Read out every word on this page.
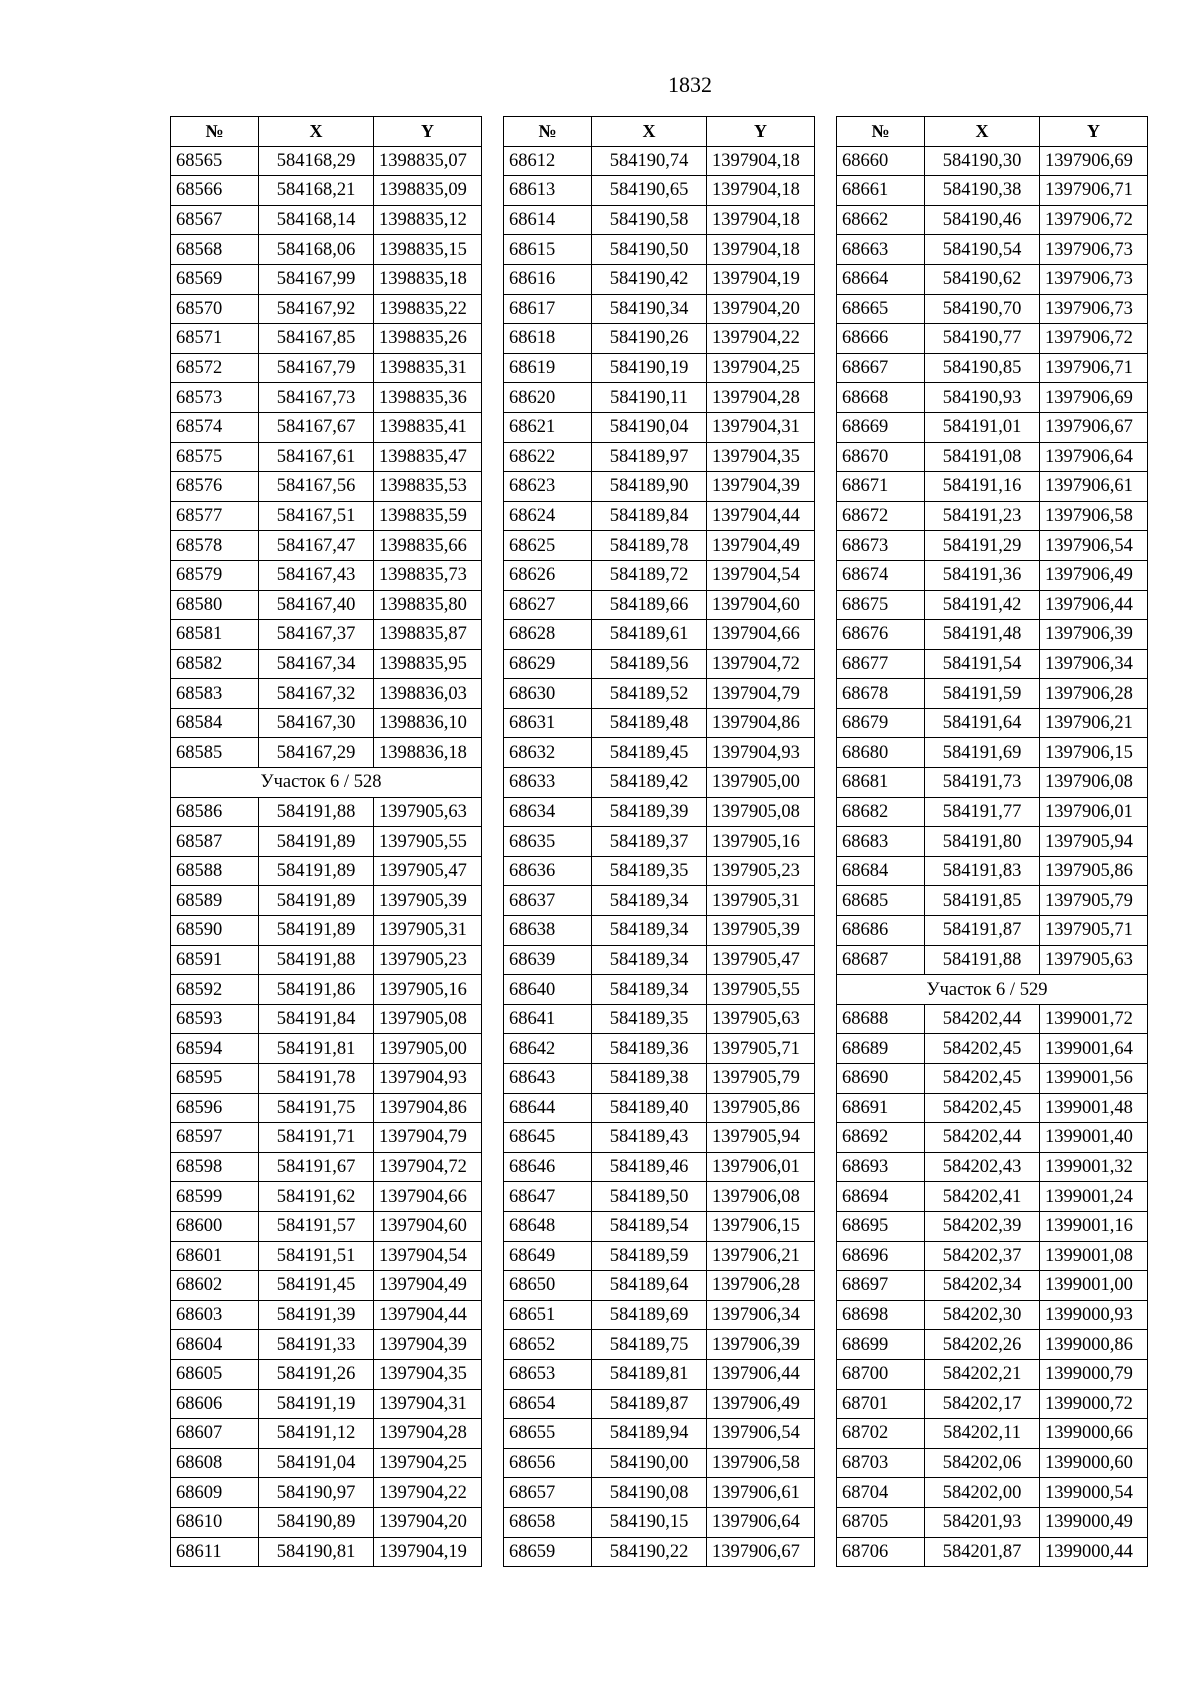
1832
№	X	Y
68565	584168,29	1398835,07
68566	584168,21	1398835,09
68567	584168,14	1398835,12
68568	584168,06	1398835,15
68569	584167,99	1398835,18
68570	584167,92	1398835,22
68571	584167,85	1398835,26
68572	584167,79	1398835,31
68573	584167,73	1398835,36
68574	584167,67	1398835,41
68575	584167,61	1398835,47
68576	584167,56	1398835,53
68577	584167,51	1398835,59
68578	584167,47	1398835,66
68579	584167,43	1398835,73
68580	584167,40	1398835,80
68581	584167,37	1398835,87
68582	584167,34	1398835,95
68583	584167,32	1398836,03
68584	584167,30	1398836,10
68585	584167,29	1398836,18
Участок 6 / 528		
68586	584191,88	1397905,63
68587	584191,89	1397905,55
68588	584191,89	1397905,47
68589	584191,89	1397905,39
68590	584191,89	1397905,31
68591	584191,88	1397905,23
68592	584191,86	1397905,16
68593	584191,84	1397905,08
68594	584191,81	1397905,00
68595	584191,78	1397904,93
68596	584191,75	1397904,86
68597	584191,71	1397904,79
68598	584191,67	1397904,72
68599	584191,62	1397904,66
68600	584191,57	1397904,60
68601	584191,51	1397904,54
68602	584191,45	1397904,49
68603	584191,39	1397904,44
68604	584191,33	1397904,39
68605	584191,26	1397904,35
68606	584191,19	1397904,31
68607	584191,12	1397904,28
68608	584191,04	1397904,25
68609	584190,97	1397904,22
68610	584190,89	1397904,20
68611	584190,81	1397904,19
№	X	Y
68612	584190,74	1397904,18
68613	584190,65	1397904,18
68614	584190,58	1397904,18
68615	584190,50	1397904,18
68616	584190,42	1397904,19
68617	584190,34	1397904,20
68618	584190,26	1397904,22
68619	584190,19	1397904,25
68620	584190,11	1397904,28
68621	584190,04	1397904,31
68622	584189,97	1397904,35
68623	584189,90	1397904,39
68624	584189,84	1397904,44
68625	584189,78	1397904,49
68626	584189,72	1397904,54
68627	584189,66	1397904,60
68628	584189,61	1397904,66
68629	584189,56	1397904,72
68630	584189,52	1397904,79
68631	584189,48	1397904,86
68632	584189,45	1397904,93
68633	584189,42	1397905,00
68634	584189,39	1397905,08
68635	584189,37	1397905,16
68636	584189,35	1397905,23
68637	584189,34	1397905,31
68638	584189,34	1397905,39
68639	584189,34	1397905,47
68640	584189,34	1397905,55
68641	584189,35	1397905,63
68642	584189,36	1397905,71
68643	584189,38	1397905,79
68644	584189,40	1397905,86
68645	584189,43	1397905,94
68646	584189,46	1397906,01
68647	584189,50	1397906,08
68648	584189,54	1397906,15
68649	584189,59	1397906,21
68650	584189,64	1397906,28
68651	584189,69	1397906,34
68652	584189,75	1397906,39
68653	584189,81	1397906,44
68654	584189,87	1397906,49
68655	584189,94	1397906,54
68656	584190,00	1397906,58
68657	584190,08	1397906,61
68658	584190,15	1397906,64
68659	584190,22	1397906,67
№	X	Y
68660	584190,30	1397906,69
68661	584190,38	1397906,71
68662	584190,46	1397906,72
68663	584190,54	1397906,73
68664	584190,62	1397906,73
68665	584190,70	1397906,73
68666	584190,77	1397906,72
68667	584190,85	1397906,71
68668	584190,93	1397906,69
68669	584191,01	1397906,67
68670	584191,08	1397906,64
68671	584191,16	1397906,61
68672	584191,23	1397906,58
68673	584191,29	1397906,54
68674	584191,36	1397906,49
68675	584191,42	1397906,44
68676	584191,48	1397906,39
68677	584191,54	1397906,34
68678	584191,59	1397906,28
68679	584191,64	1397906,21
68680	584191,69	1397906,15
68681	584191,73	1397906,08
68682	584191,77	1397906,01
68683	584191,80	1397905,94
68684	584191,83	1397905,86
68685	584191,85	1397905,79
68686	584191,87	1397905,71
68687	584191,88	1397905,63
Участок 6 / 529		
68688	584202,44	1399001,72
68689	584202,45	1399001,64
68690	584202,45	1399001,56
68691	584202,45	1399001,48
68692	584202,44	1399001,40
68693	584202,43	1399001,32
68694	584202,41	1399001,24
68695	584202,39	1399001,16
68696	584202,37	1399001,08
68697	584202,34	1399001,00
68698	584202,30	1399000,93
68699	584202,26	1399000,86
68700	584202,21	1399000,79
68701	584202,17	1399000,72
68702	584202,11	1399000,66
68703	584202,06	1399000,60
68704	584202,00	1399000,54
68705	584201,93	1399000,49
68706	584201,87	1399000,44
